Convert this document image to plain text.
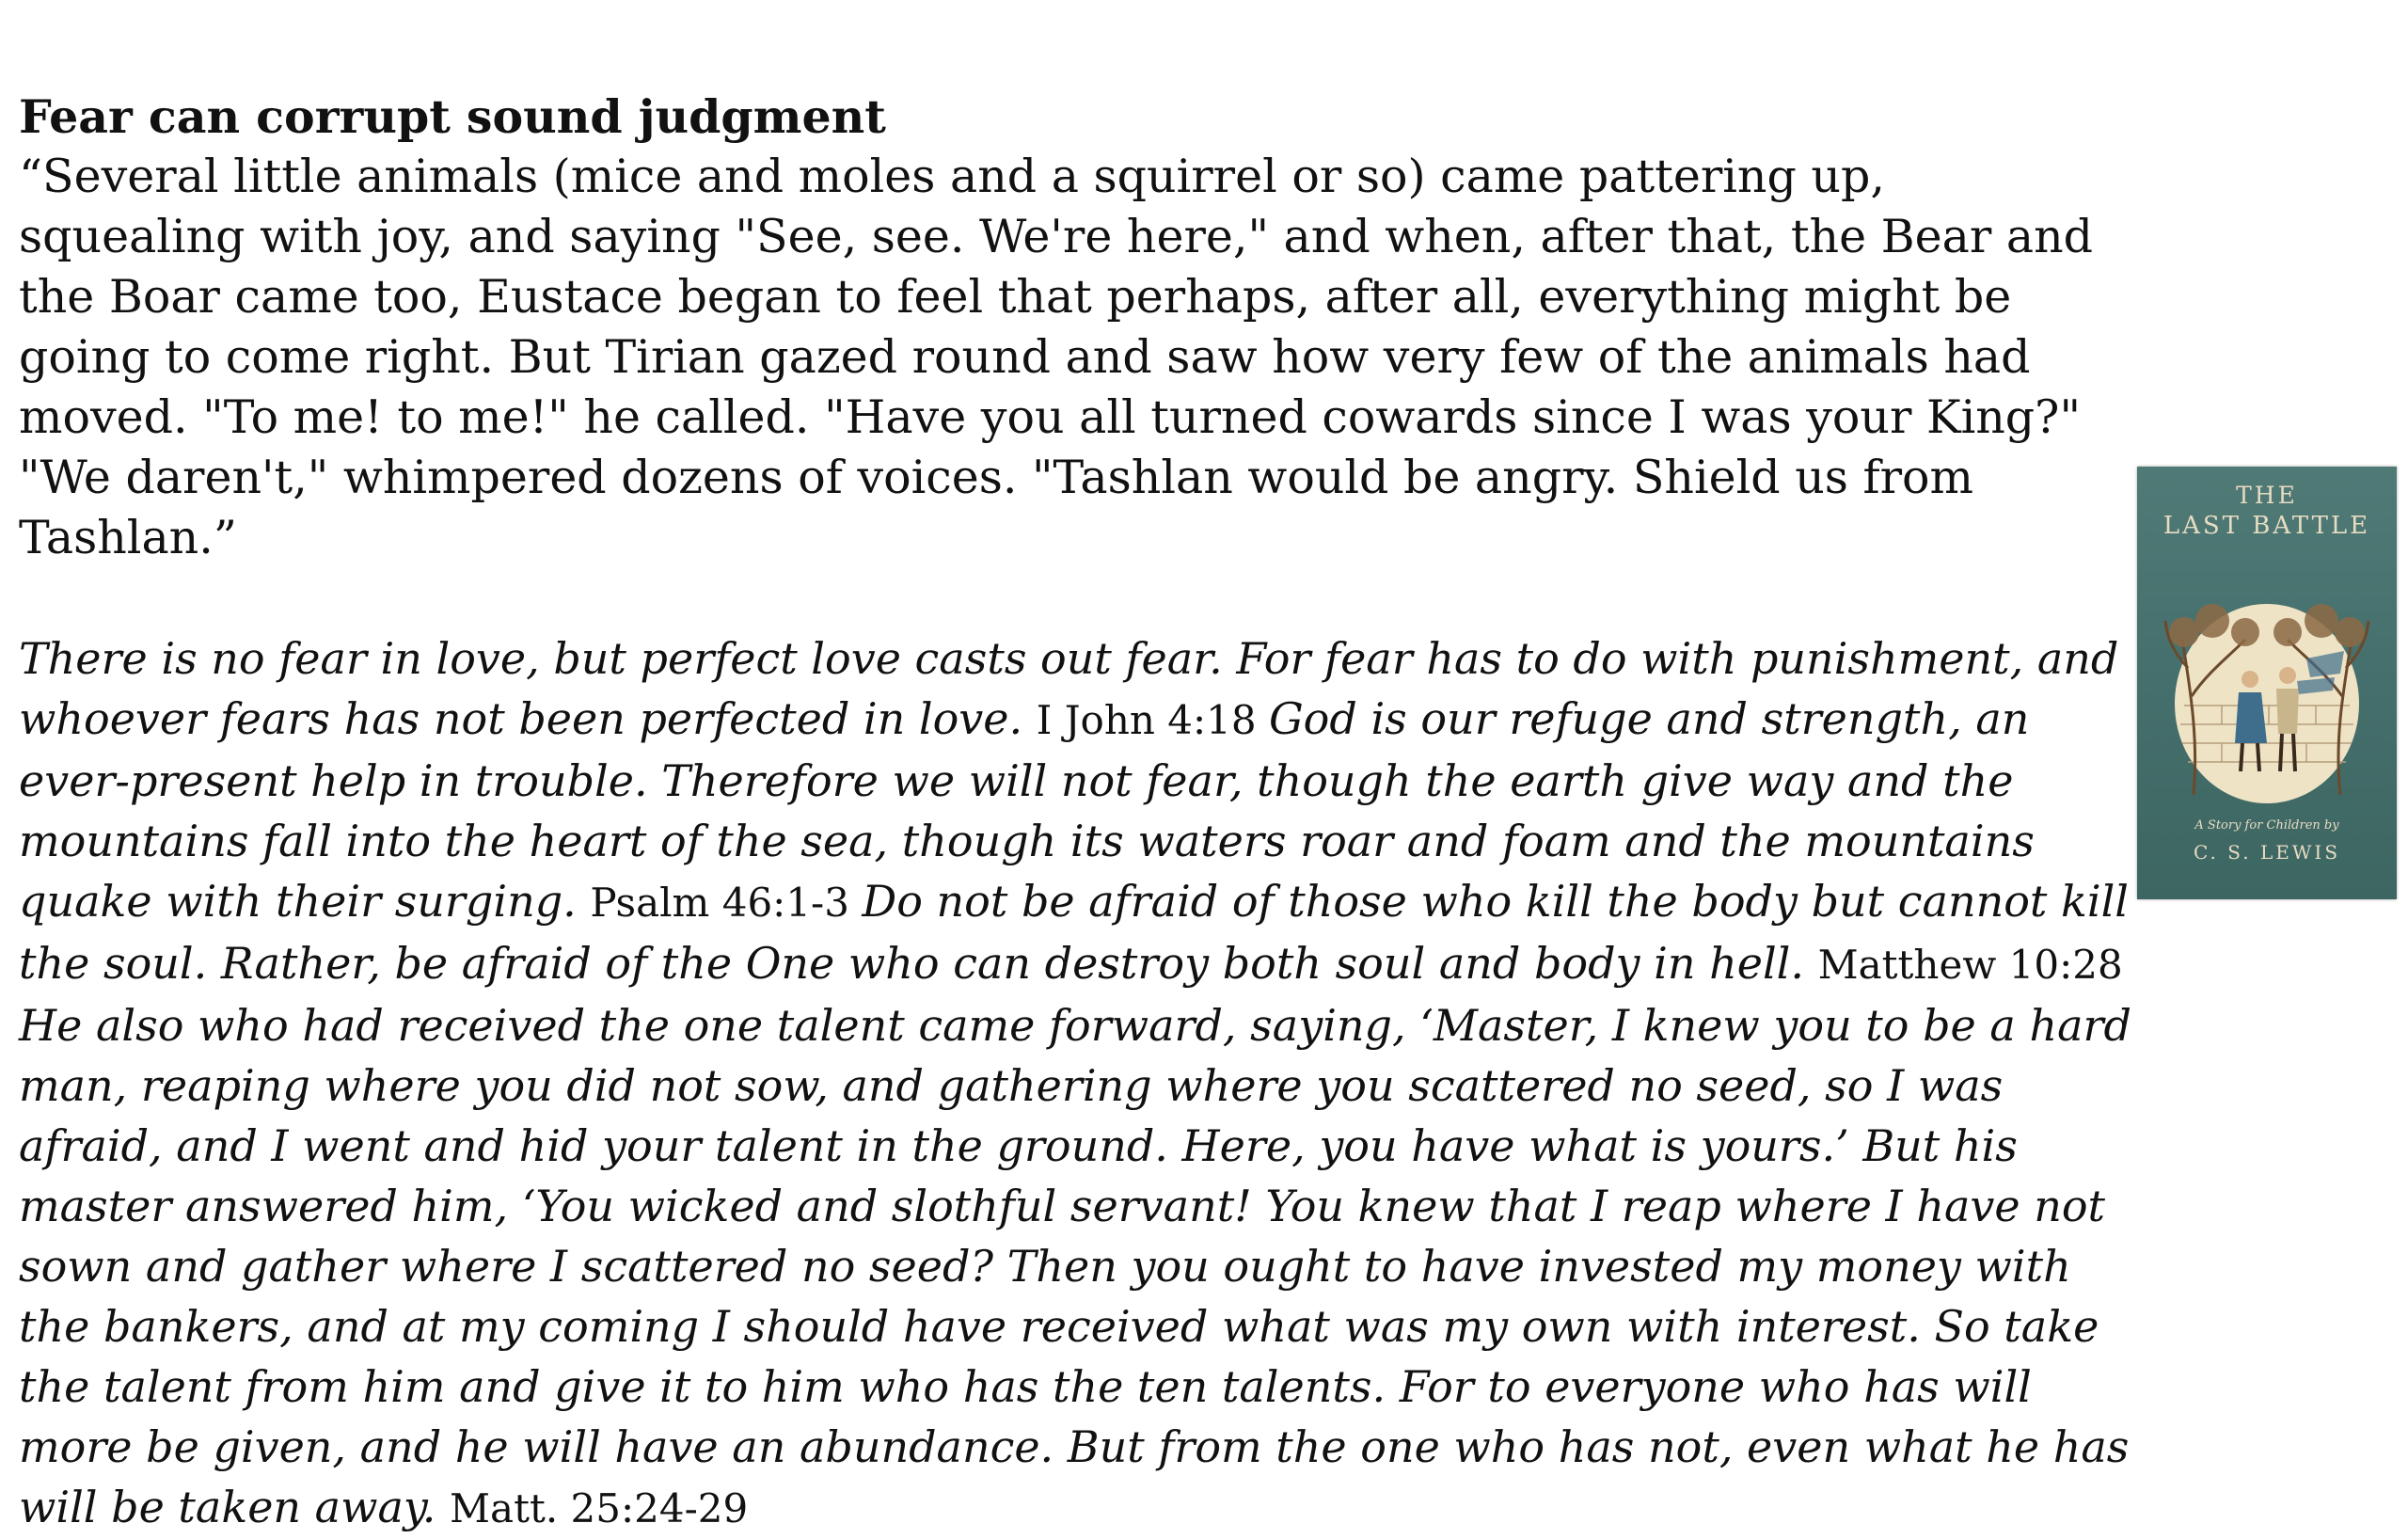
Fear can corrupt sound judgment

“Several little animals (mice and moles and a squirrel or so) came pattering up, squealing with joy, and saying "See, see. We're here," and when, after that, the Bear and the Boar came too, Eustace began to feel that perhaps, after all, everything might be going to come right. But Tirian gazed round and saw how very few of the animals had moved. "To me! to me!" he called. "Have you all turned cowards since I was your King?" "We daren't," whimpered dozens of voices. "Tashlan would be angry. Shield us from Tashlan.”

There is no fear in love, but perfect love casts out fear. For fear has to do with punishment, and whoever fears has not been perfected in love. I John 4:18 God is our refuge and strength, an ever-present help in trouble. Therefore we will not fear, though the earth give way and the mountains fall into the heart of the sea, though its waters roar and foam and the mountains quake with their surging. Psalm 46:1-3 Do not be afraid of those who kill the body but cannot kill the soul. Rather, be afraid of the One who can destroy both soul and body in hell. Matthew 10:28 He also who had received the one talent came forward, saying, ‘Master, I knew you to be a hard man, reaping where you did not sow, and gathering where you scattered no seed, so I was afraid, and I went and hid your talent in the ground. Here, you have what is yours.’ But his master answered him, ‘You wicked and slothful servant! You knew that I reap where I have not sown and gather where I scattered no seed? Then you ought to have invested my money with the bankers, and at my coming I should have received what was my own with interest. So take the talent from him and give it to him who has the ten talents. For to everyone who has will more be given, and he will have an abundance. But from the one who has not, even what he has will be taken away. Matt. 25:24-29

THE

LAST BATTLE

A Story for Children by

C. S. LEWIS
